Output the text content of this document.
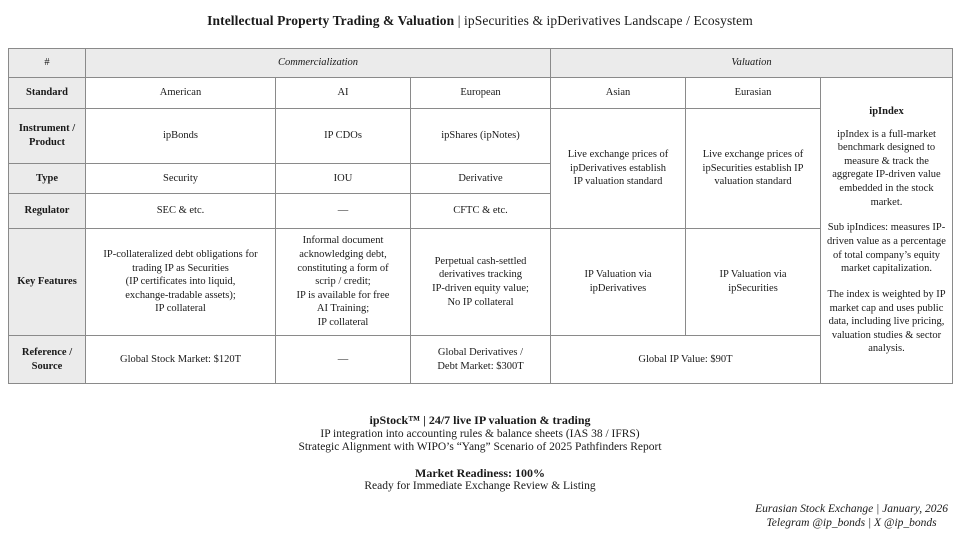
Intellectual Property Trading & Valuation | ipSecurities & ipDerivatives Landscape / Ecosystem
#	Commercialization			Valuation		
Standard	American	AI	European	Asian	Eurasian	ipIndex

ipIndex is a full-market benchmark designed to measure & track the aggregate IP-driven value embedded in the stock market.

Sub ipIndices: measures IP-driven value as a percentage of total company’s equity market capitalization.

The index is weighted by IP market cap and uses public data, including live pricing, valuation studies & sector analysis.

Instrument / Product	ipBonds	IP CDOs	ipShares (ipNotes)	Live exchange prices of
ipDerivatives establish
IP valuation standard	Live exchange prices of
ipSecurities establish IP
valuation standard	
Type	Security	IOU	Derivative			
Regulator	SEC & etc.	—	CFTC & etc.			
Key Features	IP-collateralized debt obligations for
trading IP as Securities
(IP certificates into liquid,
exchange-tradable assets);
IP collateral	Informal document
acknowledging debt,
constituting a form of
scrip / credit;
IP is available for free
AI Training;
IP collateral	Perpetual cash-settled
derivatives tracking
IP-driven equity value;
No IP collateral	IP Valuation via
ipDerivatives	IP Valuation via
ipSecurities
Reference / Source	Global Stock Market: $120T	—	Global Derivatives /
Debt Market: $300T	Global IP Value: $90T		
ipStock™ | 24/7 live IP valuation & trading
IP integration into accounting rules & balance sheets (IAS 38 / IFRS)
Strategic Alignment with WIPO’s “Yang” Scenario of 2025 Pathfinders Report
Market Readiness: 100%
Ready for Immediate Exchange Review & Listing
Eurasian Stock Exchange | January, 2026
Telegram @ip_bonds | X @ip_bonds
